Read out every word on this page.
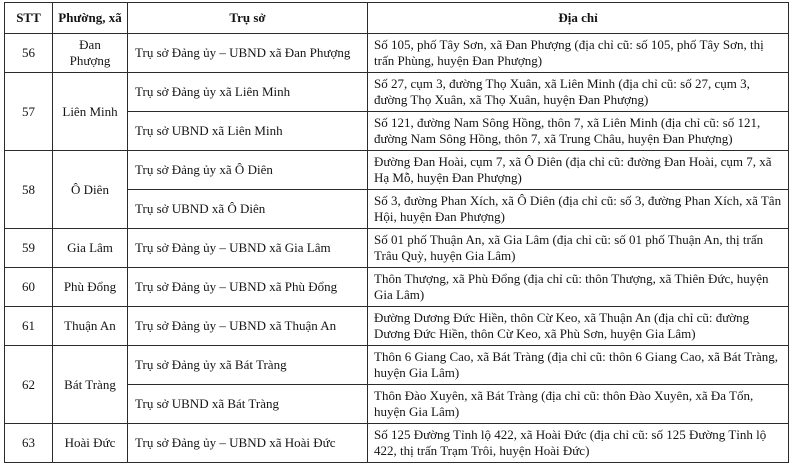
STT	Phường, xã	Trụ sở	Địa chỉ
56	Đan Phượng	Trụ sở Đảng ủy – UBND xã Đan Phượng	Số 105, phố Tây Sơn, xã Đan Phượng (địa chỉ cũ: số 105, phố Tây Sơn, thị trấn Phùng, huyện Đan Phượng)
57	Liên Minh	Trụ sở Đảng ủy xã Liên Minh	Số 27, cụm 3, đường Thọ Xuân, xã Liên Minh (địa chỉ cũ: số 27, cụm 3, đường Thọ Xuân, xã Thọ Xuân, huyện Đan Phượng)
		Trụ sở UBND xã Liên Minh	Số 121, đường Nam Sông Hồng, thôn 7, xã Liên Minh (địa chỉ cũ: số 121, đường Nam Sông Hồng, thôn 7, xã Trung Châu, huyện Đan Phượng)
58	Ô Diên	Trụ sở Đảng ủy xã Ô Diên	Đường Đan Hoài, cụm 7, xã Ô Diên (địa chỉ cũ: đường Đan Hoài, cụm 7, xã Hạ Mỗ, huyện Đan Phượng)
		Trụ sở UBND xã Ô Diên	Số 3, đường Phan Xích, xã Ô Diên (địa chỉ cũ: số 3, đường Phan Xích, xã Tân Hội, huyện Đan Phượng)
59	Gia Lâm	Trụ sở Đảng ủy – UBND xã Gia Lâm	Số 01 phố Thuận An, xã Gia Lâm (địa chỉ cũ: số 01 phố Thuận An, thị trấn Trâu Quỳ, huyện Gia Lâm)
60	Phù Đổng	Trụ sở Đảng ủy – UBND xã Phù Đổng	Thôn Thượng, xã Phù Đổng (địa chỉ cũ: thôn Thượng, xã Thiên Đức, huyện Gia Lâm)
61	Thuận An	Trụ sở Đảng ủy – UBND xã Thuận An	Đường Dương Đức Hiền, thôn Cừ Keo, xã Thuận An (địa chỉ cũ: đường Dương Đức Hiền, thôn Cừ Keo, xã Phù Sơn, huyện Gia Lâm)
62	Bát Tràng	Trụ sở Đảng ủy xã Bát Tràng	Thôn 6 Giang Cao, xã Bát Tràng (địa chỉ cũ: thôn 6 Giang Cao, xã Bát Tràng, huyện Gia Lâm)
		Trụ sở UBND xã Bát Tràng	Thôn Đào Xuyên, xã Bát Tràng (địa chỉ cũ: thôn Đào Xuyên, xã Đa Tốn, huyện Gia Lâm)
63	Hoài Đức	Trụ sở Đảng ủy – UBND xã Hoài Đức	Số 125 Đường Tỉnh lộ 422, xã Hoài Đức (địa chỉ cũ: số 125 Đường Tỉnh lộ 422, thị trấn Trạm Trôi, huyện Hoài Đức)
